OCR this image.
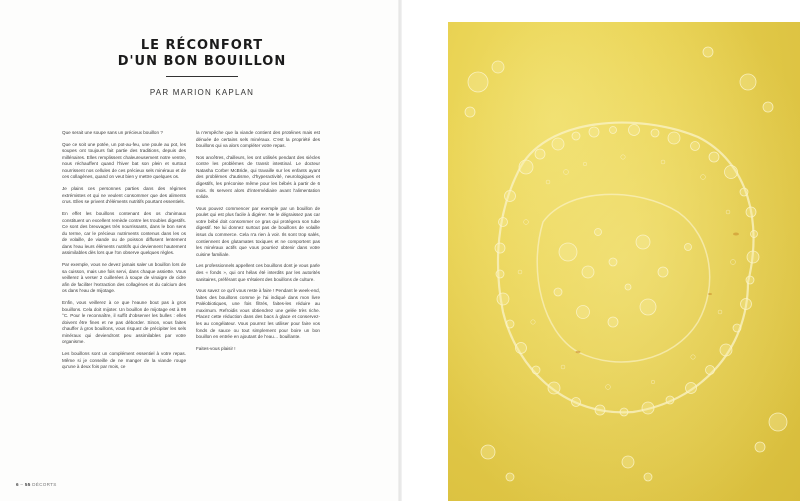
LE RÉCONFORT
D'UN BON BOUILLON
PAR MARION KAPLAN

Que serait une soupe sans un précieux bouillon ?

Que ce soit une potée, un pot-au-feu, une poule au pot, les soupes ont toujours fait partie des traditions, depuis des millénaires. Elles remplissent chaleureusement notre ventre, nous réchauffent quand l'hiver bat son plein et surtout nourrissent nos cellules de ces précieux sels minéraux et de ces collagènes, quand on veut bien y mettre quelques os.

Je plains ces personnes parties dans des régimes extrémistes et qui ne veulent consommer que des aliments crus. Elles se privent d'éléments nutritifs pourtant essentiels.

En effet les bouillons contenant des os d'animaux constituent un excellent remède contre les troubles digestifs. Ce sont des breuvages très nourrissants, dans le bon sens du terme, car le précieux nutriments contenus dans les os de volaille, de viande ou de poisson diffusent lentement dans l'eau leurs éléments nutritifs qui deviennent hautement assimilables dès lors que l'on observe quelques règles.

Par exemple, vous ne devez jamais saler un bouillon lors de sa cuisson, mais une fois servi, dans chaque assiette. Vous veillerez à verser 2 cuillerées à soupe de vinaigre de cidre afin de faciliter l'extraction des collagènes et du calcium des os dans l'eau de mijotage.

Enfin, vous veillerez à ce que l'eaune bout pas à gros bouillons. Cela doit mijoter. Un bouillon de mijotage est à 99 °C. Pour le reconnaître, il suffit d'observer les bulles : elles doivent être fines et ne pas déborder. Sinon, vous faites chauffer à gros bouillons, vous risquez de précipiter les sels minéraux qui deviendront peu assimilables par votre organisme.

Les bouillons sont un complément essentiel à votre repas. Même si je conseille de ne manger de la viande rouge qu'une à deux fois par mois, ce

la n'empêche que la viande contient des protéines mais est dénuée de certains sels minéraux. C'est la propriété des bouillons qui va alors compléter votre repas.

Nos ancêtres, d'ailleurs, les ont utilisés pendant des siècles contre les problèmes de transit intestinal. Le docteur Natasha Corbe! McBride, qui travaille sur les enfants ayant des problèmes d'autisme, d'hyperactivité, neurologiques et digestifs, les préconise même pour les bébés à partir de 6 mois. Ils servent alors d'intermédiaire avant l'alimentation solide.

Vous pouvez commencer par exemple par un bouillon de poulet qui est plus facile à digérer. Ne le dégraissez pas car votre bébé doit consommer ce gras qui protégera son tube digestif. Ne lui donnez surtout pas de bouillons de volaille issus du commerce. Cela n'a rien à voir. Ils sont trop salés, contiennent des glutamates toxiques et ne comportent pas les minéraux actifs que vous pourriez obtenir dans votre cuisine familiale.

Les professionnels appellent ces bouillons dont je vous parle des « fonds », qui ont hélas été interdits par les autorités sanitaires, préférant que s'étalent des bouillons de culture.

Vous savez ce qu'il vous reste à faire ! Pendant le week-end, faites des bouillons comme je l'ai indiqué dans mon livre Paléobiotiques, une fois filtrés, faites-les réduire au maximum. Refroidis vous obtiendrez une gelée très riche. Placez cette réduction dans des bacs à glace et conservez-les au congélateur. Vous pourrez les utiliser pour faire vos fonds de sauce ou tout simplement pour boire un bon bouillon en entrée en ajoutant de l'eau… bouillante.

Faites-vous plaisir !

6 – 55 DÉCORTS
